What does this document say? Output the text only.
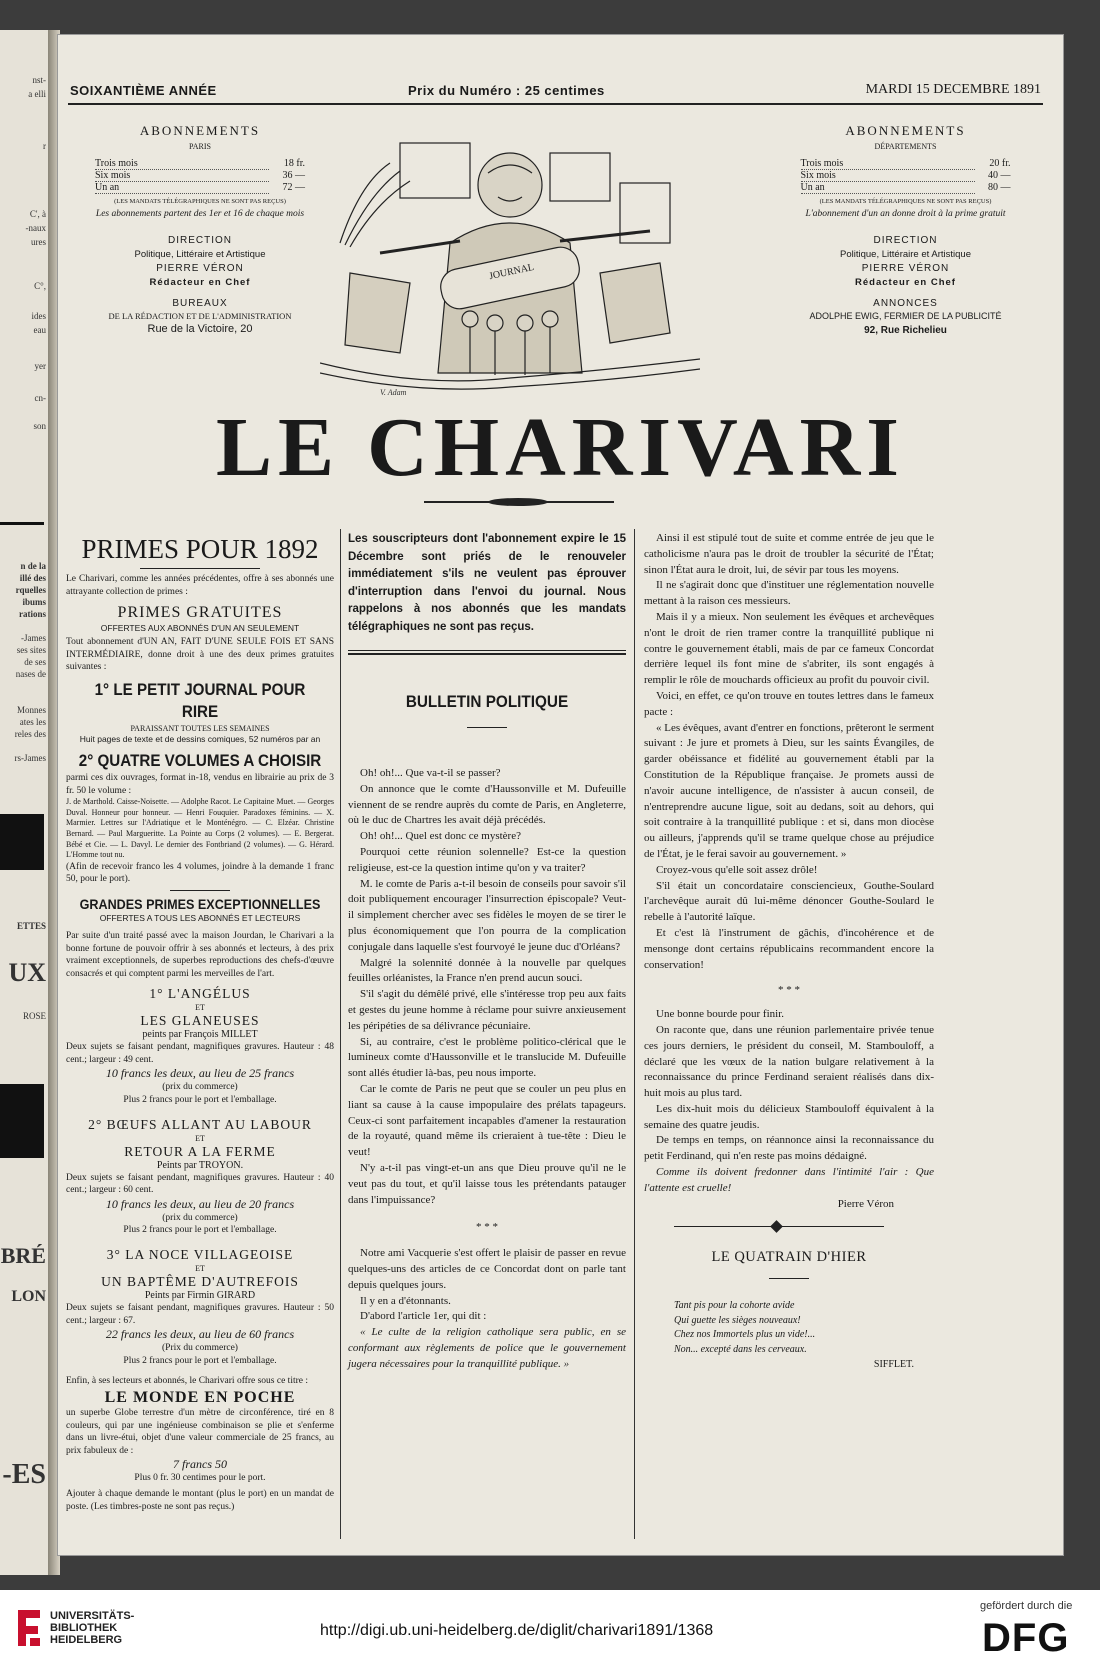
nst-
a elli
r
C', à
-naux
ures
C°,
ides
eau
yer
cn-
son
n de la
illé des
rquelles
ibums
rations
-James
ses sites
de ses
nases de
Monnes
ates les
reles des
rs-James
ETTES
UX
ROSE
BRÉ
LON
-ES
SOIXANTIÈME ANNÉE	Prix du Numéro : 25 centimes	MARDI 15 DECEMBRE 1891
ABONNEMENTS
PARIS
Trois mois	18 fr.
Six mois	36 —
Un an	72 —
(LES MANDATS TÉLÉGRAPHIQUES NE SONT PAS REÇUS)
Les abonnements partent des 1er et 16 de chaque mois
DIRECTION
Politique, Littéraire et Artistique
PIERRE VÉRON
Rédacteur en Chef
BUREAUX
DE LA RÉDACTION ET DE L'ADMINISTRATION
Rue de la Victoire, 20
JOURNAL
V. Adam
ABONNEMENTS
DÉPARTEMENTS
Trois mois	20 fr.
Six mois	40 —
Un an	80 —
(LES MANDATS TÉLÉGRAPHIQUES NE SONT PAS REÇUS)
L'abonnement d'un an donne droit à la prime gratuit
DIRECTION
Politique, Littéraire et Artistique
PIERRE VÉRON
Rédacteur en Chef
ANNONCES
ADOLPHE EWIG, FERMIER DE LA PUBLICITÉ
92, Rue Richelieu
LE CHARIVARI
PRIMES POUR 1892

Le Charivari, comme les années précédentes, offre à ses abonnés une attrayante collection de primes :

PRIMES GRATUITES
OFFERTES AUX ABONNÉS D'UN AN SEULEMENT

Tout abonnement d'UN AN, FAIT D'UNE SEULE FOIS ET SANS INTERMÉDIAIRE, donne droit à une des deux primes gratuites suivantes :

1° LE PETIT JOURNAL POUR RIRE
PARAISSANT TOUTES LES SEMAINES
Huit pages de texte et de dessins comiques, 52 numéros par an
2° QUATRE VOLUMES A CHOISIR

parmi ces dix ouvrages, format in-18, vendus en librairie au prix de 3 fr. 50 le volume :

J. de Marthold. Caisse-Noisette. — Adolphe Racot. Le Capitaine Muet. — Georges Duval. Honneur pour honneur. — Henri Fouquier. Paradoxes féminins. — X. Marmier. Lettres sur l'Adriatique et le Monténégro. — C. Elzéar. Christine Bernard. — Paul Margueritte. La Pointe au Corps (2 volumes). — E. Bergerat. Bébé et Cie. — L. Davyl. Le dernier des Fontbriand (2 volumes). — G. Hérard. L'Homme tout nu.

(Afin de recevoir franco les 4 volumes, joindre à la demande 1 franc 50, pour le port).

GRANDES PRIMES EXCEPTIONNELLES
OFFERTES A TOUS LES ABONNÉS ET LECTEURS

Par suite d'un traité passé avec la maison Jourdan, le Charivari a la bonne fortune de pouvoir offrir à ses abonnés et lecteurs, à des prix vraiment exceptionnels, de superbes reproductions des chefs-d'œuvre consacrés et qui comptent parmi les merveilles de l'art.

1° L'ANGÉLUS
ET
LES GLANEUSES
peints par François MILLET

Deux sujets se faisant pendant, magnifiques gravures. Hauteur : 48 cent.; largeur : 49 cent.

10 francs les deux, au lieu de 25 francs
(prix du commerce)
Plus 2 francs pour le port et l'emballage.
2° BŒUFS ALLANT AU LABOUR
ET
RETOUR A LA FERME
Peints par TROYON.

Deux sujets se faisant pendant, magnifiques gravures. Hauteur : 40 cent.; largeur : 60 cent.

10 francs les deux, au lieu de 20 francs
(prix du commerce)
Plus 2 francs pour le port et l'emballage.
3° LA NOCE VILLAGEOISE
ET
UN BAPTÊME D'AUTREFOIS
Peints par Firmin GIRARD

Deux sujets se faisant pendant, magnifiques gravures. Hauteur : 50 cent.; largeur : 67.

22 francs les deux, au lieu de 60 francs
(Prix du commerce)
Plus 2 francs pour le port et l'emballage.

Enfin, à ses lecteurs et abonnés, le Charivari offre sous ce titre :

LE MONDE EN POCHE

un superbe Globe terrestre d'un mètre de circonférence, tiré en 8 couleurs, qui par une ingénieuse combinaison se plie et s'enferme dans un livre-étui, objet d'une valeur commerciale de 25 francs, au prix fabuleux de :

7 francs 50
Plus 0 fr. 30 centimes pour le port.

Ajouter à chaque demande le montant (plus le port) en un mandat de poste. (Les timbres-poste ne sont pas reçus.)

Les souscripteurs dont l'abonnement expire le 15 Décembre sont priés de le renouveler immédiatement s'ils ne veulent pas éprouver d'interruption dans l'envoi du journal. Nous rappelons à nos abonnés que les mandats télégraphiques ne sont pas reçus.

BULLETIN POLITIQUE

Oh! oh!... Que va-t-il se passer?

On annonce que le comte d'Haussonville et M. Dufeuille viennent de se rendre auprès du comte de Paris, en Angleterre, où le duc de Chartres les avait déjà précédés.

Oh! oh!... Quel est donc ce mystère?

Pourquoi cette réunion solennelle? Est-ce la question religieuse, est-ce la question intime qu'on y va traiter?

M. le comte de Paris a-t-il besoin de conseils pour savoir s'il doit publiquement encourager l'insurrection épiscopale? Veut-il simplement chercher avec ses fidèles le moyen de se tirer le plus économiquement que l'on pourra de la complication conjugale dans laquelle s'est fourvoyé le jeune duc d'Orléans?

Malgré la solennité donnée à la nouvelle par quelques feuilles orléanistes, la France n'en prend aucun souci.

S'il s'agit du démêlé privé, elle s'intéresse trop peu aux faits et gestes du jeune homme à réclame pour suivre anxieusement les péripéties de sa délivrance pécuniaire.

Si, au contraire, c'est le problème politico-clérical que le lumineux comte d'Haussonville et le translucide M. Dufeuille sont allés étudier là-bas, peu nous importe.

Car le comte de Paris ne peut que se couler un peu plus en liant sa cause à la cause impopulaire des prélats tapageurs. Ceux-ci sont parfaitement incapables d'amener la restauration de la royauté, quand même ils crieraient à tue-tête : Dieu le veut!

N'y a-t-il pas vingt-et-un ans que Dieu prouve qu'il ne le veut pas du tout, et qu'il laisse tous les prétendants patauger dans l'impuissance?

* * *

Notre ami Vacquerie s'est offert le plaisir de passer en revue quelques-uns des articles de ce Concordat dont on parle tant depuis quelques jours.

Il y en a d'étonnants.

D'abord l'article 1er, qui dit :

« Le culte de la religion catholique sera public, en se conformant aux règlements de police que le gouvernement jugera nécessaires pour la tranquillité publique. »

Ainsi il est stipulé tout de suite et comme entrée de jeu que le catholicisme n'aura pas le droit de troubler la sécurité de l'État; sinon l'État aura le droit, lui, de sévir par tous les moyens.

Il ne s'agirait donc que d'instituer une réglementation nouvelle mettant à la raison ces messieurs.

Mais il y a mieux. Non seulement les évêques et archevêques n'ont le droit de rien tramer contre la tranquillité publique ni contre le gouvernement établi, mais de par ce fameux Concordat derrière lequel ils font mine de s'abriter, ils sont engagés à remplir le rôle de mouchards officieux au profit du pouvoir civil.

Voici, en effet, ce qu'on trouve en toutes lettres dans le fameux pacte :

« Les évêques, avant d'entrer en fonctions, prêteront le serment suivant : Je jure et promets à Dieu, sur les saints Évangiles, de garder obéissance et fidélité au gouvernement établi par la Constitution de la République française. Je promets aussi de n'avoir aucune intelligence, de n'assister à aucun conseil, de n'entreprendre aucune ligue, soit au dedans, soit au dehors, qui soit contraire à la tranquillité publique : et si, dans mon diocèse ou ailleurs, j'apprends qu'il se trame quelque chose au préjudice de l'État, je le ferai savoir au gouvernement. »

Croyez-vous qu'elle soit assez drôle!

S'il était un concordataire consciencieux, Gouthe-Soulard l'archevêque aurait dû lui-même dénoncer Gouthe-Soulard le rebelle à l'autorité laïque.

Et c'est là l'instrument de gâchis, d'incohérence et de mensonge dont certains républicains recommandent encore la conservation!

* * *

Une bonne bourde pour finir.

On raconte que, dans une réunion parlementaire privée tenue ces jours derniers, le président du conseil, M. Stambouloff, a déclaré que les vœux de la nation bulgare relativement à la reconnaissance du prince Ferdinand seraient réalisés dans dix-huit mois au plus tard.

Les dix-huit mois du délicieux Stambouloff équivalent à la semaine des quatre jeudis.

De temps en temps, on réannonce ainsi la reconnaissance du petit Ferdinand, qui n'en reste pas moins dédaigné.

Comme ils doivent fredonner dans l'intimité l'air : Que l'attente est cruelle!

Pierre Véron
LE QUATRAIN D'HIER
Tant pis pour la cohorte avide
Qui guette les sièges nouveaux!
Chez nos Immortels plus un vide!...
Non... excepté dans les cerveaux.
SIFFLET.
UNIVERSITÄTS-
BIBLIOTHEK
HEIDELBERG
http://digi.ub.uni-heidelberg.de/diglit/charivari1891/1368
gefördert durch die
DFG
